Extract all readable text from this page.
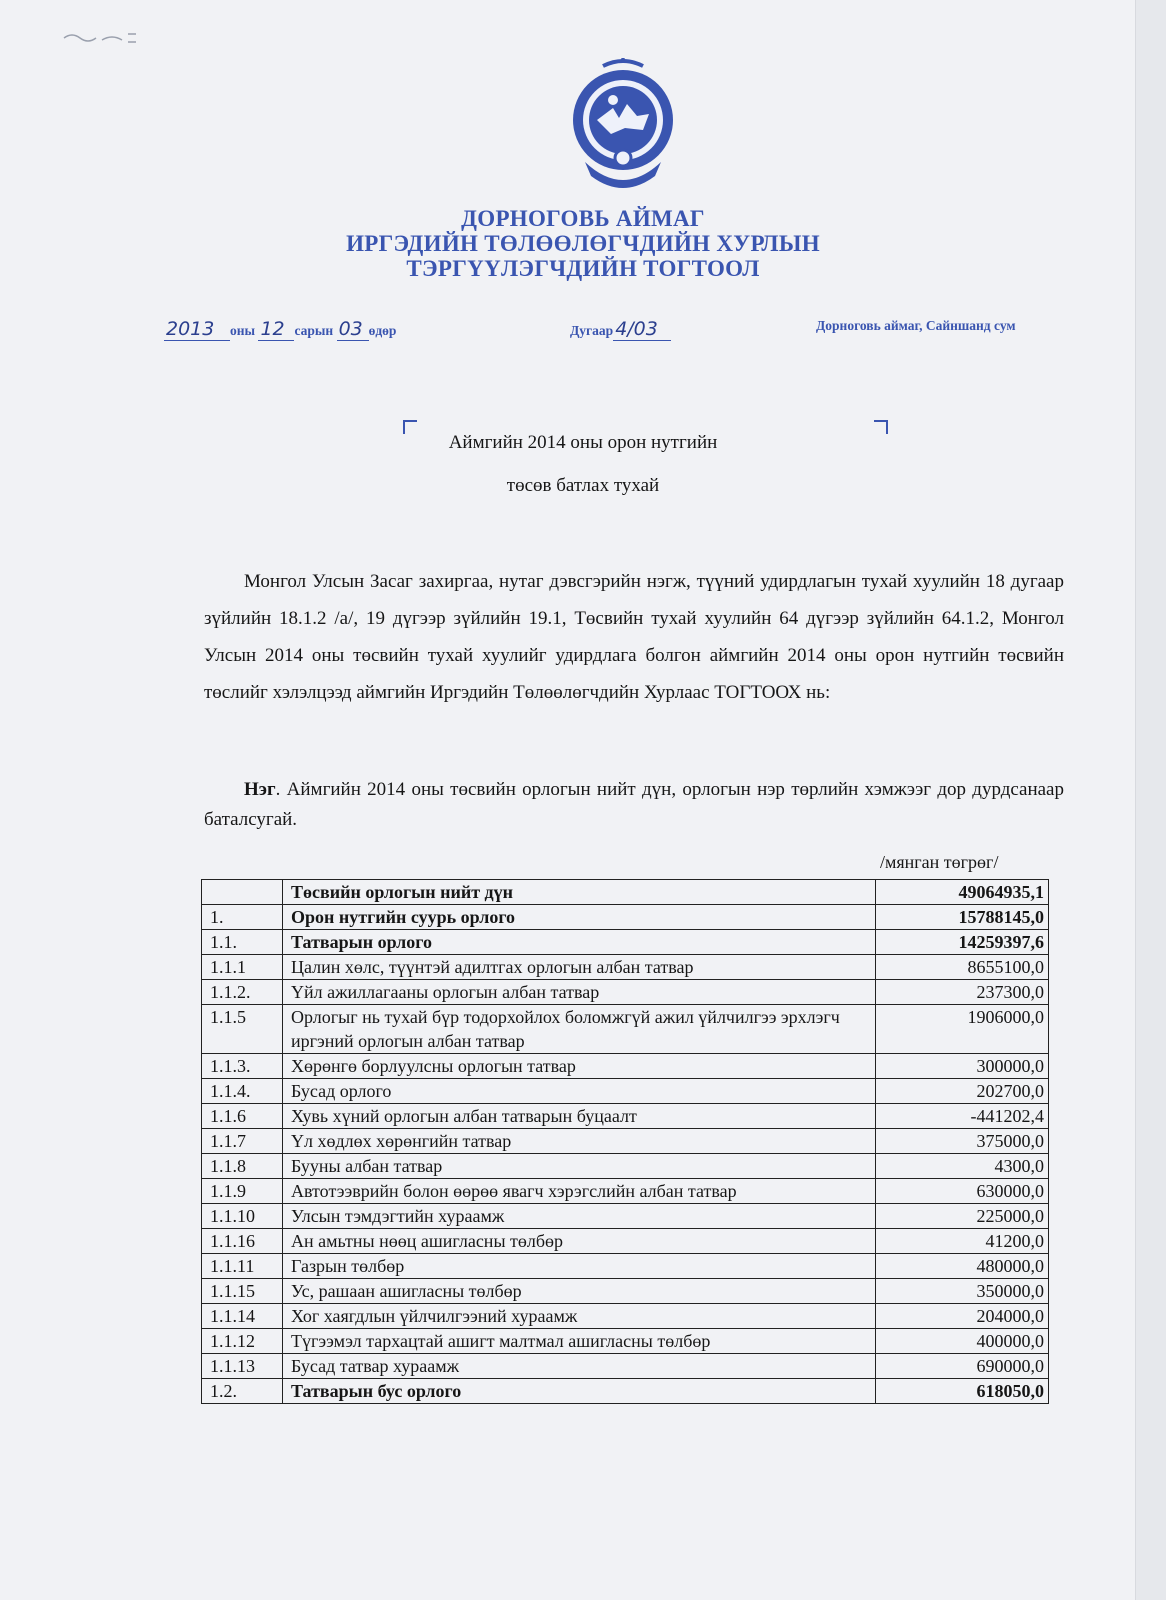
ДОРНОГОВЬ АЙМАГ
ИРГЭДИЙН ТӨЛӨӨЛӨГЧДИЙН ХУРЛЫН
ТЭРГҮҮЛЭГЧДИЙН ТОГТООЛ
2013 оны 12 сарын 03 өдөр	Дугаар 4/03	Дорноговь аймаг, Сайншанд сум
Аймгийн 2014 оны орон нутгийн
төсөв батлах тухай
Монгол Улсын Засаг захиргаа, нутаг дэвсгэрийн нэгж, түүний удирдлагын тухай хуулийн 18 дугаар зүйлийн 18.1.2 /а/, 19 дүгээр зүйлийн 19.1, Төсвийн тухай хуулийн 64 дүгээр зүйлийн 64.1.2, Монгол Улсын 2014 оны төсвийн тухай хуулийг удирдлага болгон аймгийн 2014 оны орон нутгийн төсвийн төслийг хэлэлцээд аймгийн Иргэдийн Төлөөлөгчдийн Хурлаас ТОГТООХ нь:
Нэг. Аймгийн 2014 оны төсвийн орлогын нийт дүн, орлогын нэр төрлийн хэмжээг дор дурдсанаар баталсугай.
/мянган төгрөг/
	Төсвийн орлогын нийт дүн	49064935,1
1.	Орон нутгийн суурь орлого	15788145,0
1.1.	Татварын орлого	14259397,6
1.1.1	Цалин хөлс, түүнтэй адилтгах орлогын албан татвар	8655100,0
1.1.2.	Үйл ажиллагааны орлогын албан татвар	237300,0
1.1.5	Орлогыг нь тухай бүр тодорхойлох боломжгүй ажил үйлчилгээ эрхлэгч иргэний орлогын албан татвар	1906000,0
1.1.3.	Хөрөнгө борлуулсны орлогын татвар	300000,0
1.1.4.	Бусад орлого	202700,0
1.1.6	Хувь хүний орлогын албан татварын буцаалт	-441202,4
1.1.7	Үл хөдлөх хөрөнгийн татвар	375000,0
1.1.8	Бууны албан татвар	4300,0
1.1.9	Автотээврийн болон өөрөө явагч хэрэгслийн албан татвар	630000,0
1.1.10	Улсын тэмдэгтийн хураамж	225000,0
1.1.16	Ан амьтны нөөц ашигласны төлбөр	41200,0
1.1.11	Газрын төлбөр	480000,0
1.1.15	Ус, рашаан ашигласны төлбөр	350000,0
1.1.14	Хог хаягдлын үйлчилгээний хураамж	204000,0
1.1.12	Түгээмэл тархацтай ашигт малтмал ашигласны төлбөр	400000,0
1.1.13	Бусад татвар хураамж	690000,0
1.2.	Татварын бус орлого	618050,0
